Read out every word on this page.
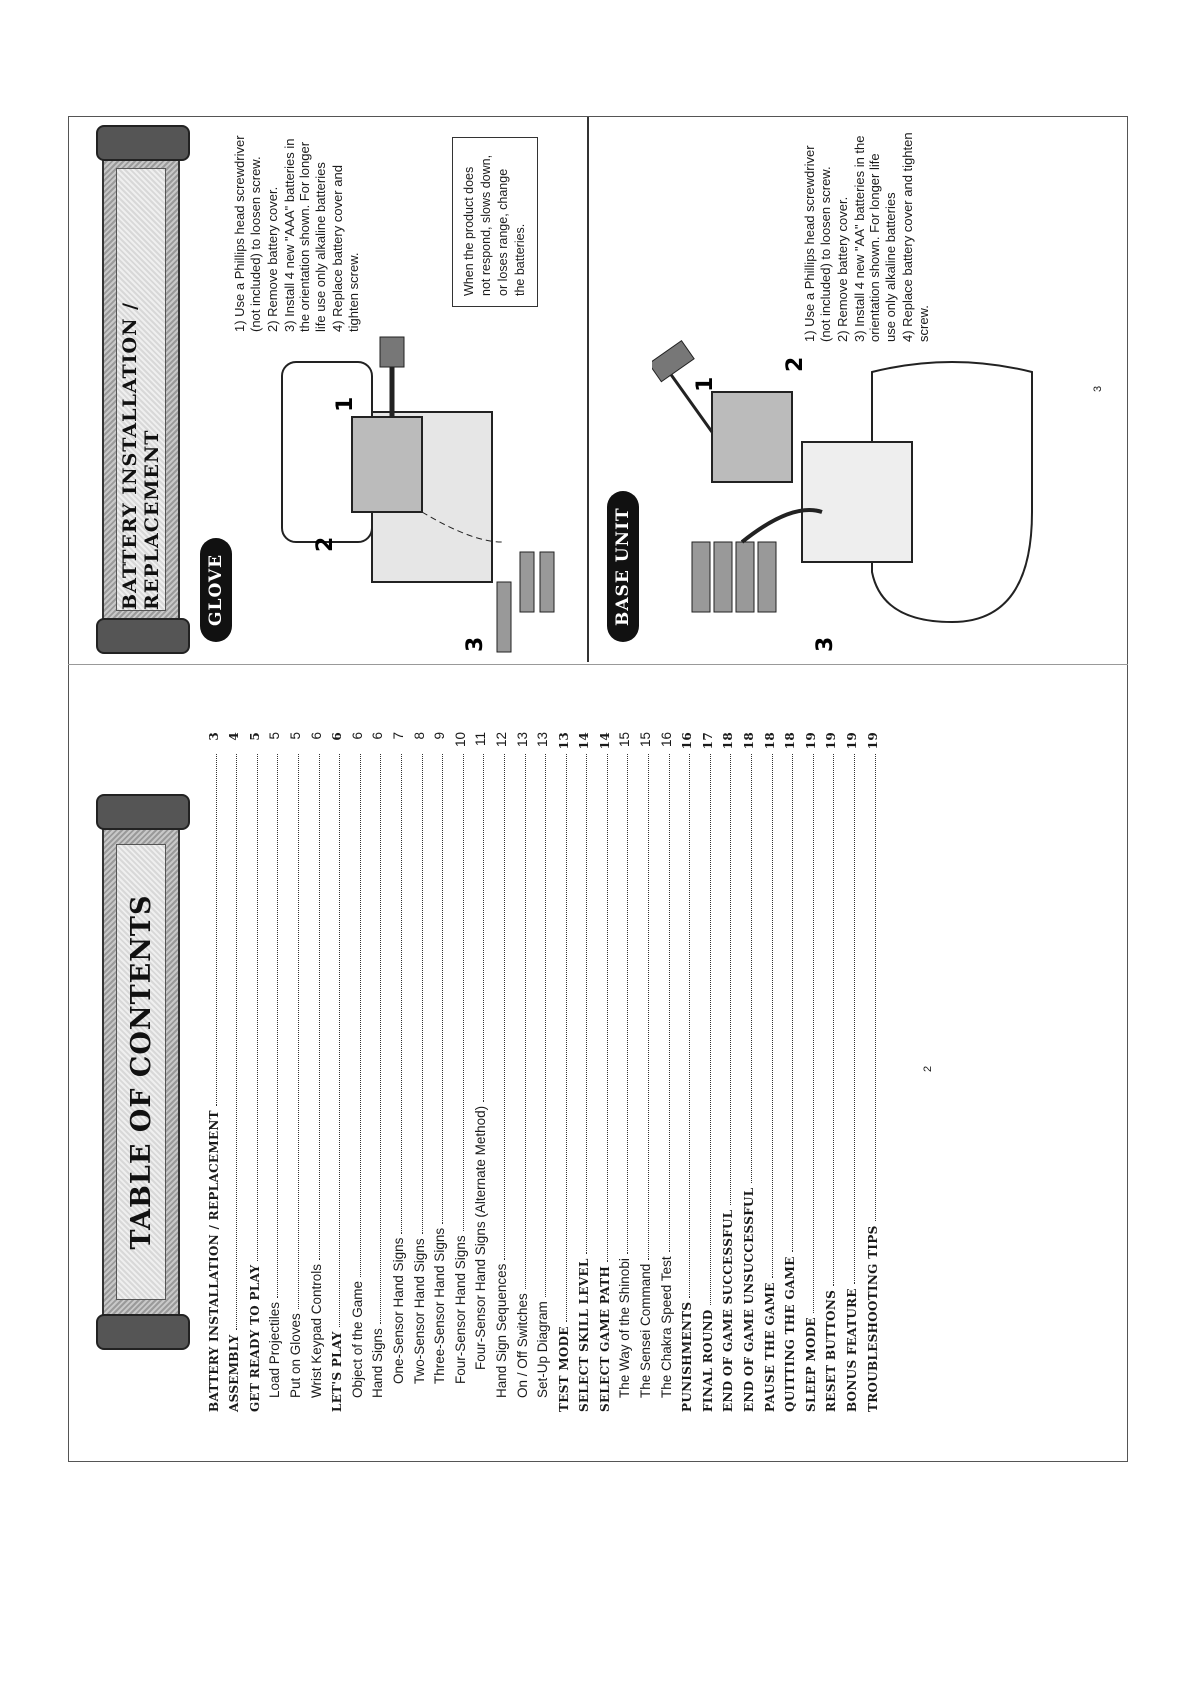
TABLE OF CONTENTS
BATTERY INSTALLATION / REPLACEMENT
3
ASSEMBLY
4
GET READY TO PLAY
5
Load Projectiles
5
Put on Gloves
5
Wrist Keypad Controls
6
LET'S PLAY
6
Object of the Game
6
Hand Signs
6
One-Sensor Hand Signs
7
Two-Sensor Hand Signs
8
Three-Sensor Hand Signs
9
Four-Sensor Hand Signs
10
Four-Sensor Hand Signs (Alternate Method)
11
Hand Sign Sequences
12
On / Off Switches
13
Set-Up Diagram
13
TEST MODE
13
SELECT SKILL LEVEL
14
SELECT GAME PATH
14
The Way of the Shinobi
15
The Sensei Command
15
The Chakra Speed Test
16
PUNISHMENTS
16
FINAL ROUND
17
END OF GAME SUCCESSFUL
18
END OF GAME UNSUCCESSFUL
18
PAUSE THE GAME
18
QUITTING THE GAME
18
SLEEP MODE
19
RESET BUTTONS
19
BONUS FEATURE
19
TROUBLESHOOTING TIPS
19
2
BATTERY INSTALLATION / REPLACEMENT	GLOVE
1
2
3
1) Use a Phillips head screwdriver (not included) to loosen screw. 2) Remove battery cover. 3) Install 4 new "AAA" batteries in the orientation shown. For longer life use only alkaline batteries 4) Replace battery cover and tighten screw.	When the product does not respond, slows down, or loses range, change the batteries.
BASE UNIT
1
2
3
1) Use a Phillips head screwdriver (not included) to loosen screw. 2) Remove battery cover. 3) Install 4 new "AA" batteries in the orientation shown. For longer life use only alkaline batteries 4) Replace battery cover and tighten screw.
3
